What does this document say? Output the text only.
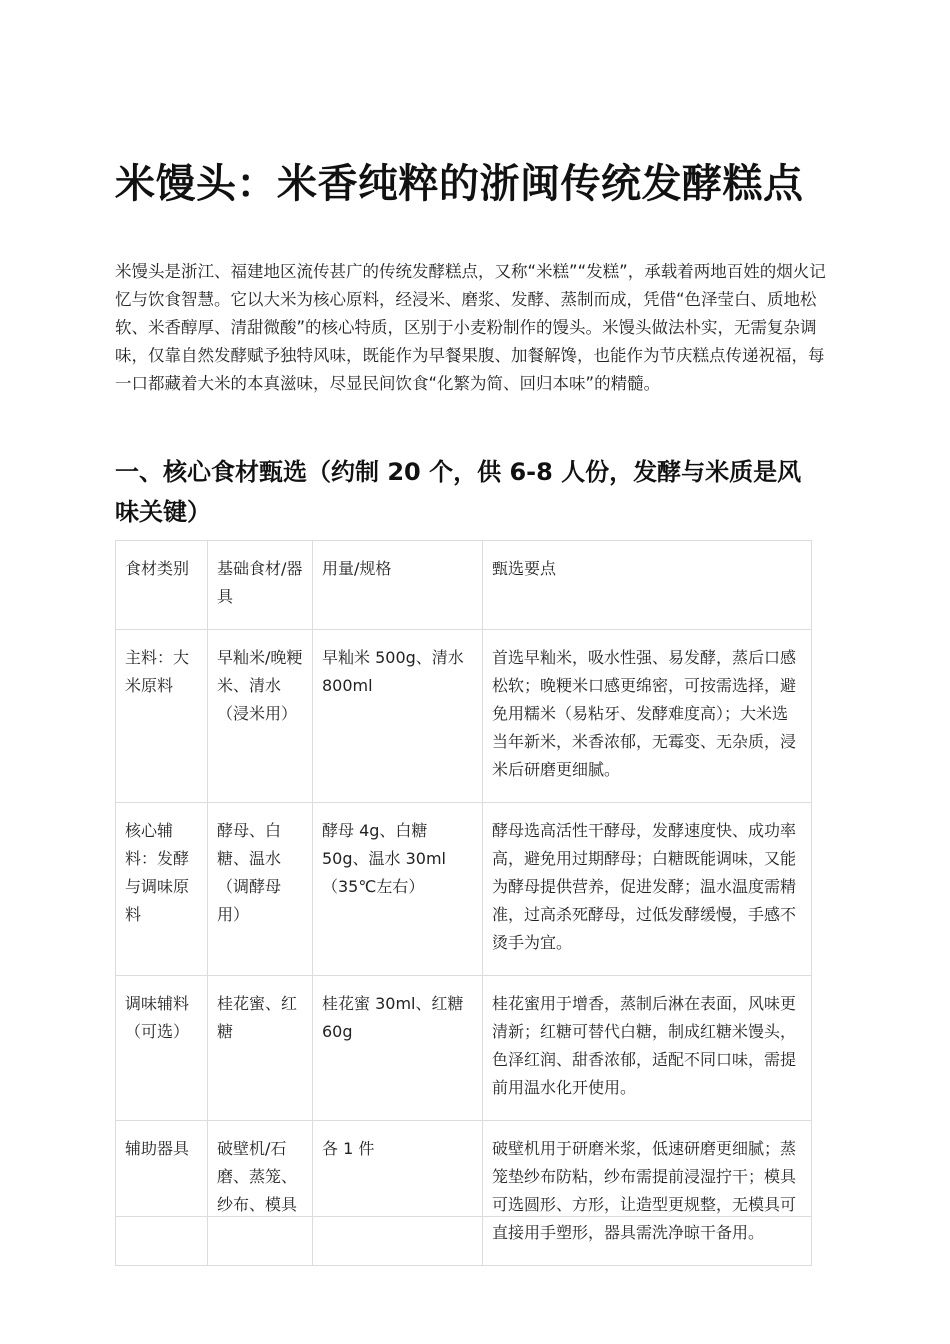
米馒头：米香纯粹的浙闽传统发酵糕点

米馒头是浙江、福建地区流传甚广的传统发酵糕点，又称“米糕”“发糕”，承载着两地百姓的烟火记忆与饮食智慧。它以大米为核心原料，经浸米、磨浆、发酵、蒸制而成，凭借“色泽莹白、质地松软、米香醇厚、清甜微酸”的核心特质，区别于小麦粉制作的馒头。米馒头做法朴实，无需复杂调味，仅靠自然发酵赋予独特风味，既能作为早餐果腹、加餐解馋，也能作为节庆糕点传递祝福，每一口都藏着大米的本真滋味，尽显民间饮食“化繁为简、回归本味”的精髓。

一、核心食材甄选（约制 20 个，供 6-8 人份，发酵与米质是风味关键）
食材类别	基础食材/器具	用量/规格	甄选要点
主料：大米原料	早籼米/晚粳米、清水（浸米用）	早籼米 500g、清水 800ml	首选早籼米，吸水性强、易发酵，蒸后口感松软；晚粳米口感更绵密，可按需选择，避免用糯米（易粘牙、发酵难度高）；大米选当年新米，米香浓郁，无霉变、无杂质，浸米后研磨更细腻。
核心辅料：发酵与调味原料	酵母、白糖、温水（调酵母用）	酵母 4g、白糖 50g、温水 30ml（35℃左右）	酵母选高活性干酵母，发酵速度快、成功率高，避免用过期酵母；白糖既能调味，又能为酵母提供营养，促进发酵；温水温度需精准，过高杀死酵母，过低发酵缓慢，手感不烫手为宜。
调味辅料（可选）	桂花蜜、红糖	桂花蜜 30ml、红糖 60g	桂花蜜用于增香，蒸制后淋在表面，风味更清新；红糖可替代白糖，制成红糖米馒头，色泽红润、甜香浓郁，适配不同口味，需提前用温水化开使用。
辅助器具	破壁机/石磨、蒸笼、纱布、模具	各 1 件	破壁机用于研磨米浆，低速研磨更细腻；蒸笼垫纱布防粘，纱布需提前浸湿拧干；模具可选圆形、方形，让造型更规整，无模具可直接用手塑形，器具需洗净晾干备用。
